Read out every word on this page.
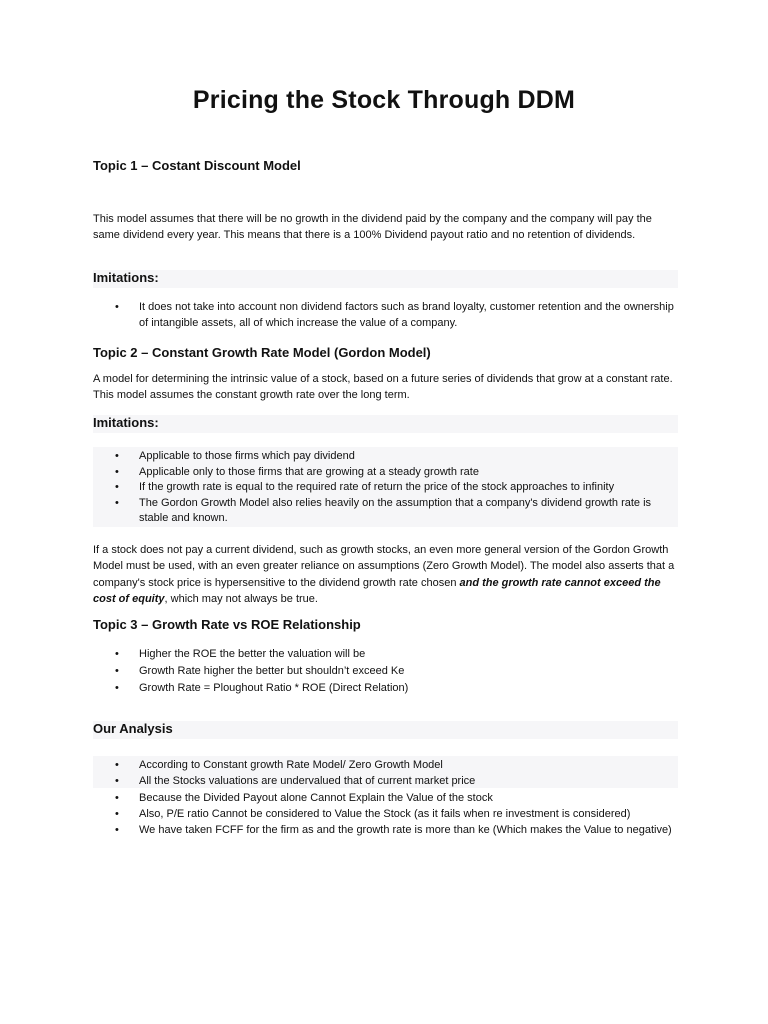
Pricing the Stock Through DDM
Topic 1 – Costant Discount Model

This model assumes that there will be no growth in the dividend paid by the company and the company will pay the same dividend every year. This means that there is a 100% Dividend payout ratio and no retention of dividends.

Imitations:
• It does not take into account non dividend factors such as brand loyalty, customer retention and the ownership of intangible assets, all of which increase the value of a company.
Topic 2 – Constant Growth Rate Model (Gordon Model)

A model for determining the intrinsic value of a stock, based on a future series of dividends that grow at a constant rate. This model assumes the constant growth rate over the long term.

Imitations:
• Applicable to those firms which pay dividend
• Applicable only to those firms that are growing at a steady growth rate
• If the growth rate is equal to the required rate of return the price of the stock approaches to infinity
• The Gordon Growth Model also relies heavily on the assumption that a company's dividend growth rate is stable and known.

If a stock does not pay a current dividend, such as growth stocks, an even more general version of the Gordon Growth Model must be used, with an even greater reliance on assumptions (Zero Growth Model). The model also asserts that a company's stock price is hypersensitive to the dividend growth rate chosen and the growth rate cannot exceed the cost of equity, which may not always be true.

Topic 3 – Growth Rate vs ROE Relationship
• Higher the ROE the better the valuation will be
• Growth Rate higher the better but shouldn’t exceed Ke
• Growth Rate = Ploughout Ratio * ROE (Direct Relation)
Our Analysis
• According to Constant growth Rate Model/ Zero Growth Model
• All the Stocks valuations are undervalued that of current market price
• Because the Divided Payout alone Cannot Explain the Value of the stock
• Also, P/E ratio Cannot be considered to Value the Stock (as it fails when re investment is considered)
• We have taken FCFF for the firm as and the growth rate is more than ke (Which makes the Value to negative)
